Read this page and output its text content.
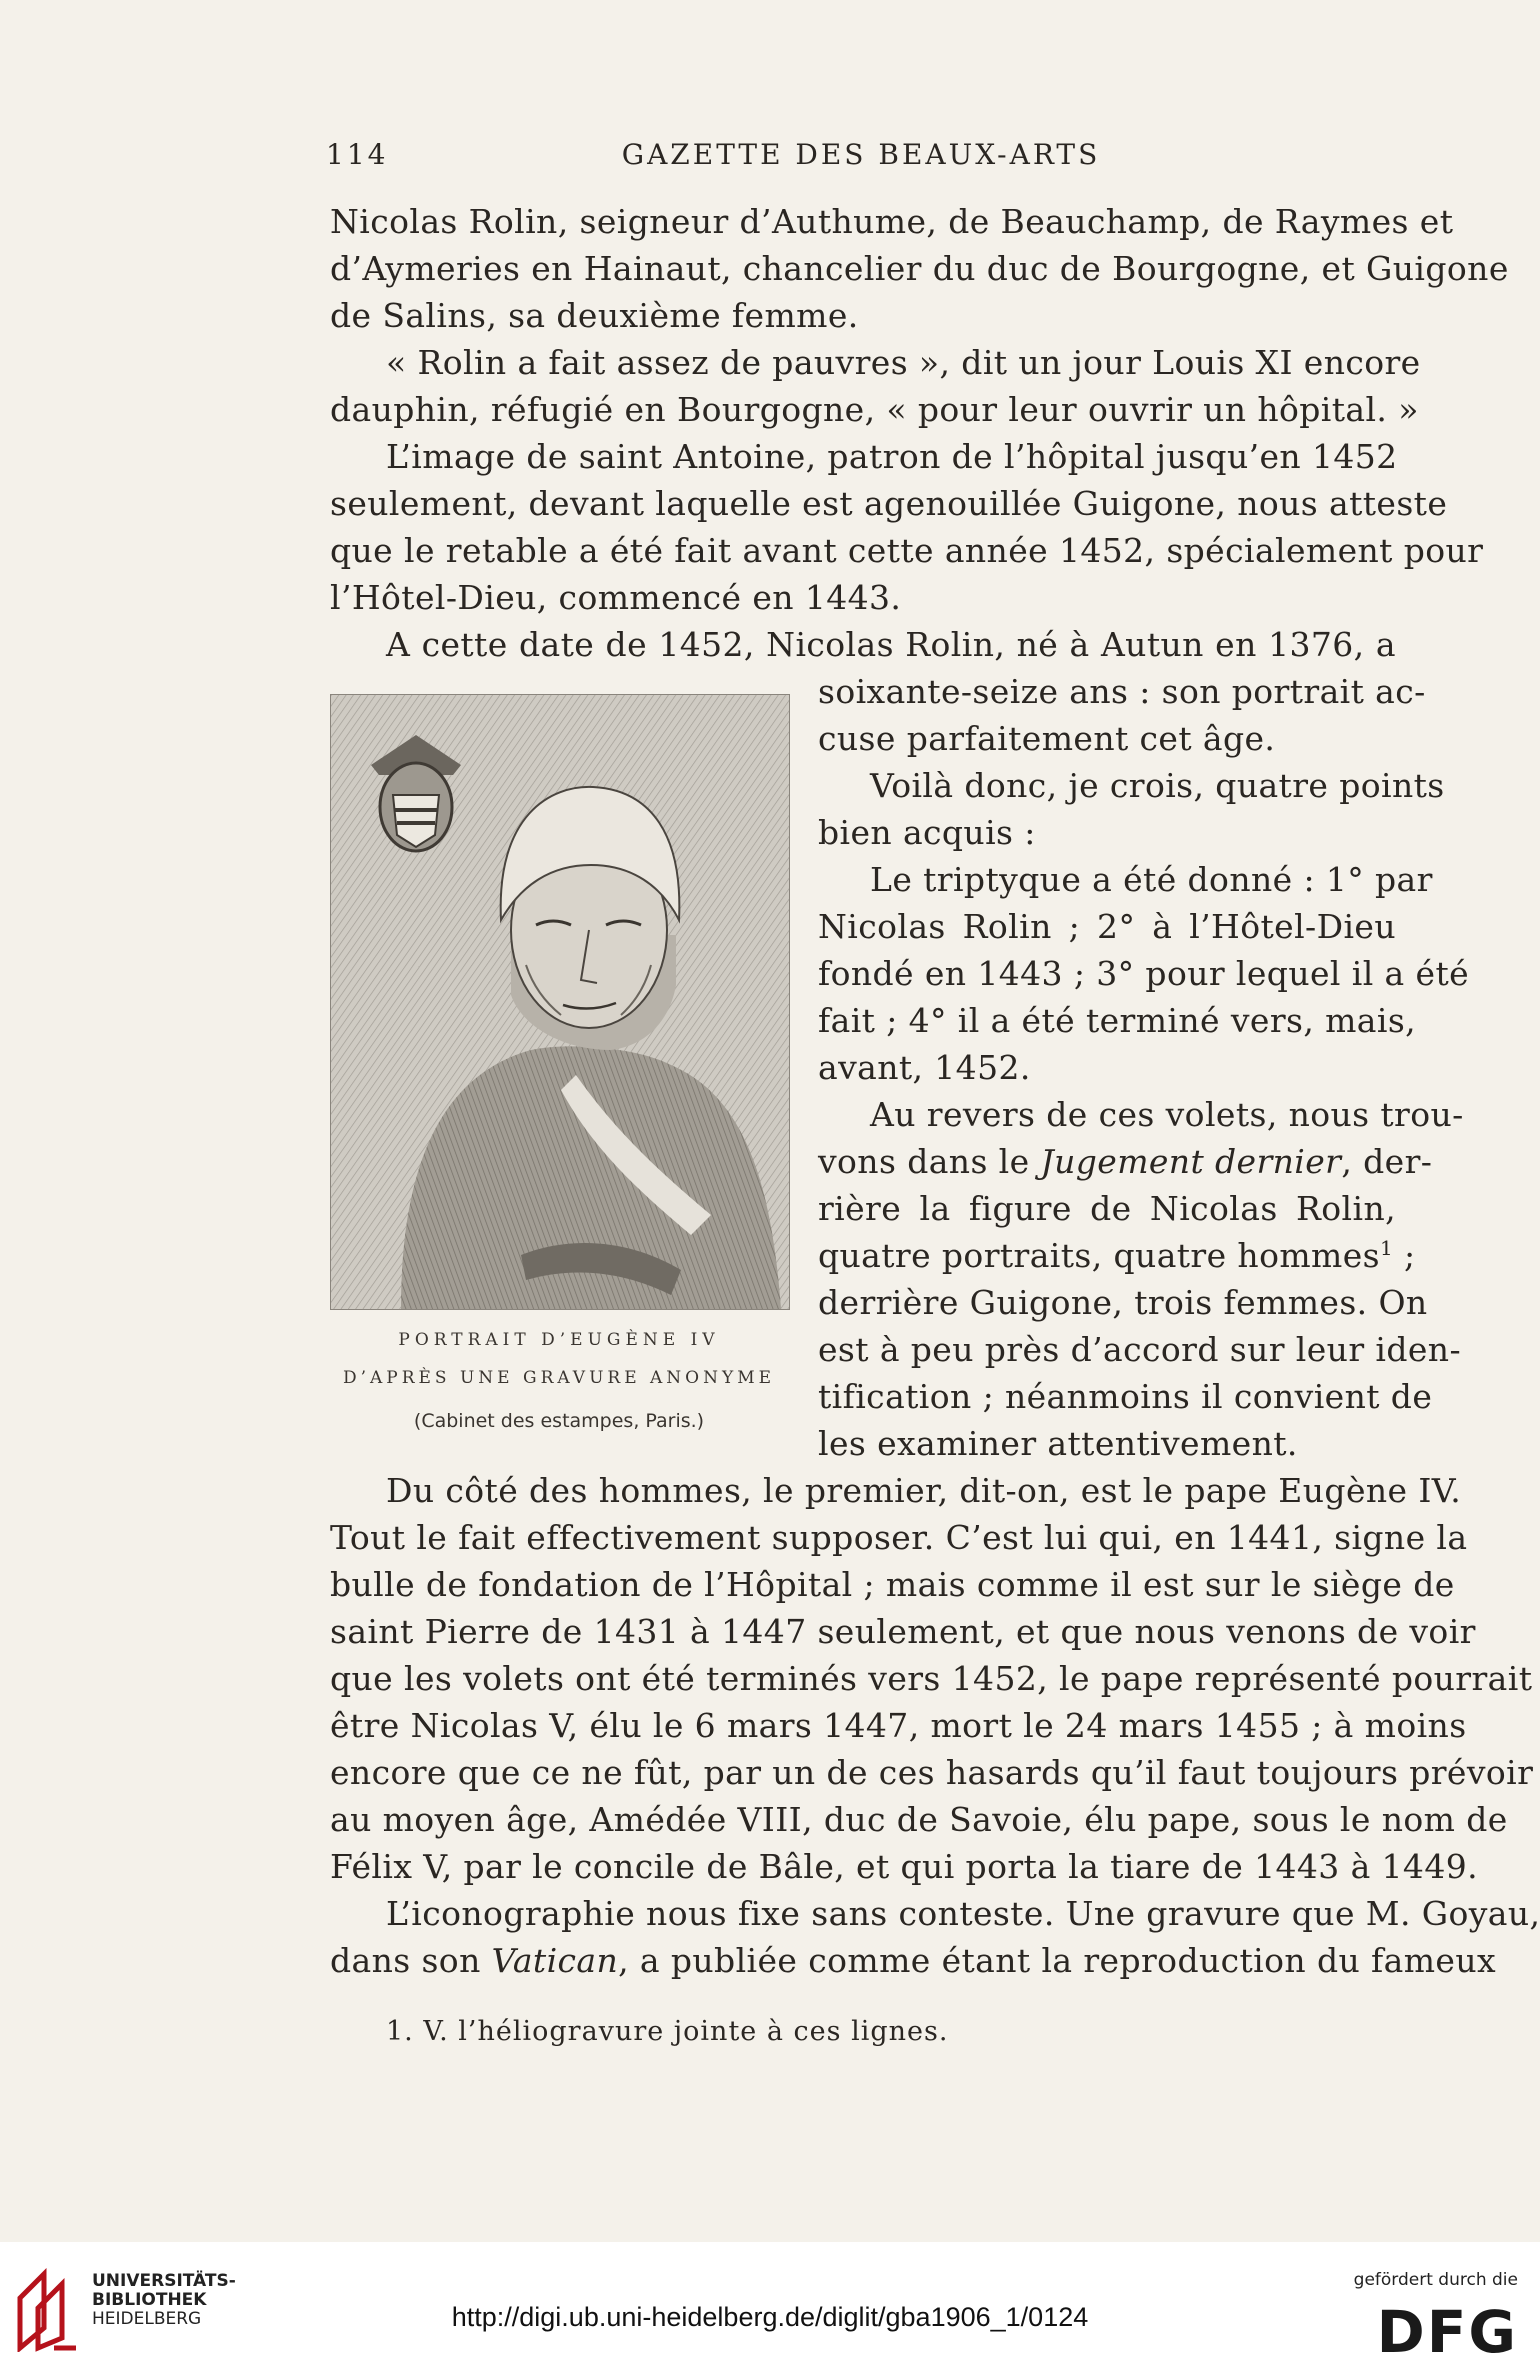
114	GAZETTE DES BEAUX-ARTS
Nicolas Rolin, seigneur d’Authume, de Beauchamp, de Raymes et
d’Aymeries en Hainaut, chancelier du duc de Bourgogne, et Guigone
de Salins, sa deuxième femme.
« Rolin a fait assez de pauvres », dit un jour Louis XI encore
dauphin, réfugié en Bourgogne, « pour leur ouvrir un hôpital. »
L’image de saint Antoine, patron de l’hôpital jusqu’en 1452
seulement, devant laquelle est agenouillée Guigone, nous atteste
que le retable a été fait avant cette année 1452, spécialement pour
l’Hôtel-Dieu, commencé en 1443.
A cette date de 1452, Nicolas Rolin, né à Autun en 1376, a
soixante-seize ans : son portrait ac-
cuse parfaitement cet âge.
Voilà donc, je crois, quatre points
bien acquis :
Le triptyque a été donné : 1° par
Nicolas Rolin ; 2° à l’Hôtel-Dieu
fondé en 1443 ; 3° pour lequel il a été
fait ; 4° il a été terminé vers, mais,
avant, 1452.
Au revers de ces volets, nous trou-
vons dans le Jugement dernier, der-
rière la figure de Nicolas Rolin,
quatre portraits, quatre hommes$^1$ ;
derrière Guigone, trois femmes. On
est à peu près d’accord sur leur iden-
tification ; néanmoins il convient de
les examiner attentivement.
Du côté des hommes, le premier, dit-on, est le pape Eugène IV.
Tout le fait effectivement supposer. C’est lui qui, en 1441, signe la
bulle de fondation de l’Hôpital ; mais comme il est sur le siège de
saint Pierre de 1431 à 1447 seulement, et que nous venons de voir
que les volets ont été terminés vers 1452, le pape représenté pourrait
être Nicolas V, élu le 6 mars 1447, mort le 24 mars 1455 ; à moins
encore que ce ne fût, par un de ces hasards qu’il faut toujours prévoir
au moyen âge, Amédée VIII, duc de Savoie, élu pape, sous le nom de
Félix V, par le concile de Bâle, et qui porta la tiare de 1443 à 1449.
L’iconographie nous fixe sans conteste. Une gravure que M. Goyau,
dans son Vatican, a publiée comme étant la reproduction du fameux
PORTRAIT D’EUGÈNE IV
D’APRÈS UNE GRAVURE ANONYME
(Cabinet des estampes, Paris.)
1. V. l’héliogravure jointe à ces lignes.
UNIVERSITÄTS-
BIBLIOTHEK
HEIDELBERG	http://digi.ub.uni-heidelberg.de/diglit/gba1906_1/0124
gefördert durch die
DFG
